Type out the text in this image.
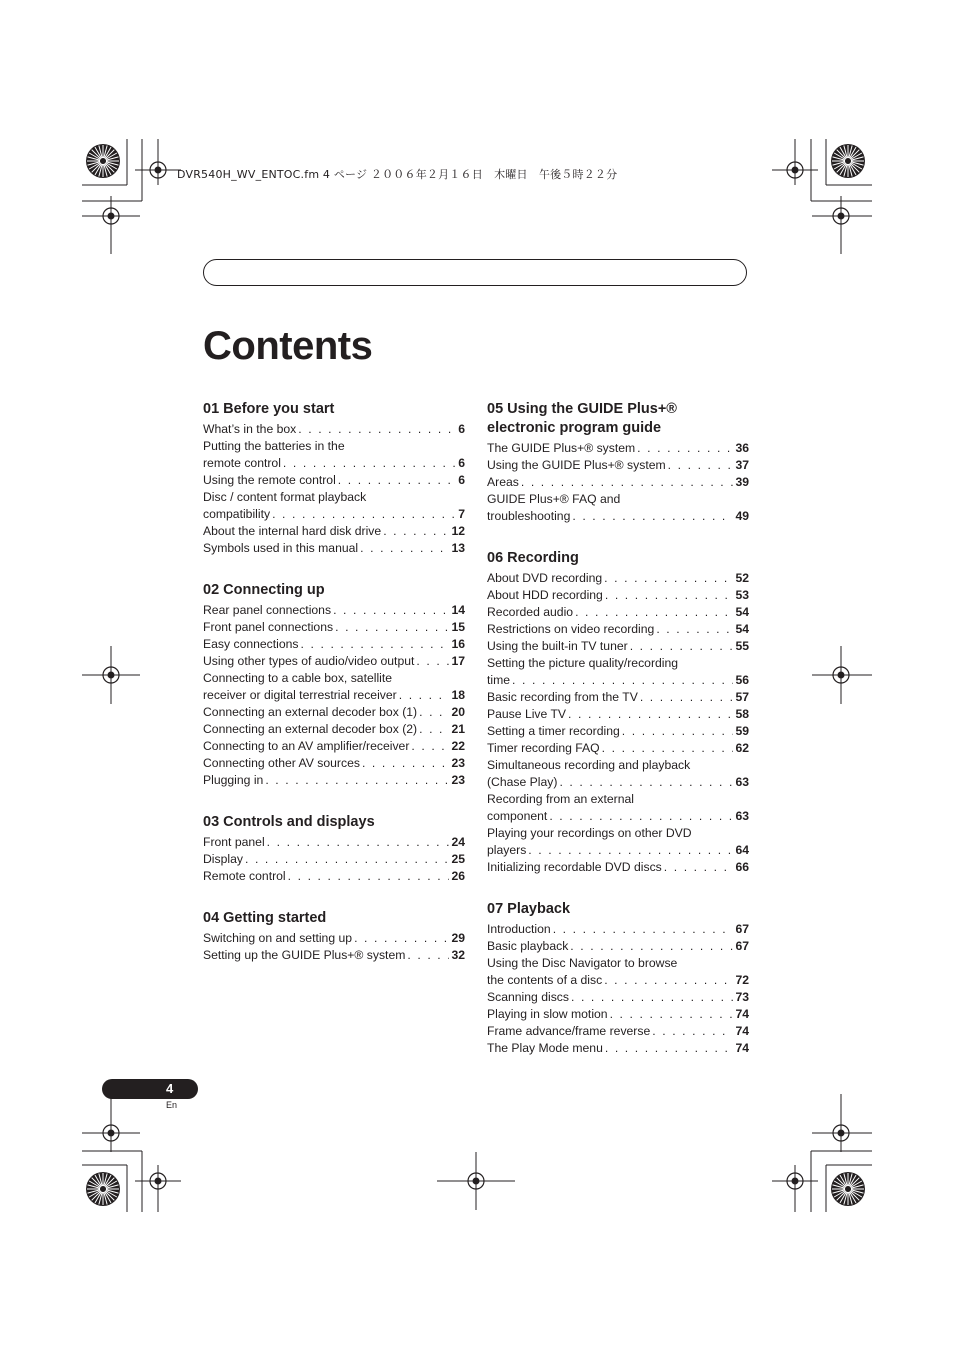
DVR540H_WV_ENTOC.fm 4 ページ ２００６年２月１６日　木曜日　午後５時２２分
Contents
01 Before you start
What’s in the box . . .	6
Putting the batteries in the
remote control . . .	6
Using the remote control . . .	6
Disc / content format playback
compatibility . . .	7
About the internal hard disk drive . . .	12
Symbols used in this manual . . .	13
02 Connecting up
Rear panel connections . . .	14
Front panel connections . . .	15
Easy connections . . .	16
Using other types of audio/video output . . .	17
Connecting to a cable box, satellite
receiver or digital terrestrial receiver . . .	18
Connecting an external decoder box (1) . . .	20
Connecting an external decoder box (2) . . .	21
Connecting to an AV amplifier/receiver . . .	22
Connecting other AV sources . . .	23
Plugging in . . .	23
03 Controls and displays
Front panel . . .	24
Display . . .	25
Remote control . . .	26
04 Getting started
Switching on and setting up . . .	29
Setting up the GUIDE Plus+® system . . .	32
05 Using the GUIDE Plus+® electronic program guide
The GUIDE Plus+® system . . .	36
Using the GUIDE Plus+® system . . .	37
Areas . . .	39
GUIDE Plus+® FAQ and
troubleshooting . . .	49
06 Recording
About DVD recording . . .	52
About HDD recording . . .	53
Recorded audio . . .	54
Restrictions on video recording . . .	54
Using the built-in TV tuner . . .	55
Setting the picture quality/recording
time . . .	56
Basic recording from the TV . . .	57
Pause Live TV . . .	58
Setting a timer recording . . .	59
Timer recording FAQ . . .	62
Simultaneous recording and playback
(Chase Play) . . .	63
Recording from an external
component . . .	63
Playing your recordings on other DVD
players . . .	64
Initializing recordable DVD discs . . .	66
07 Playback
Introduction . . .	67
Basic playback . . .	67
Using the Disc Navigator to browse
the contents of a disc . . .	72
Scanning discs . . .	73
Playing in slow motion . . .	74
Frame advance/frame reverse . . .	74
The Play Mode menu . . .	74
4
En
